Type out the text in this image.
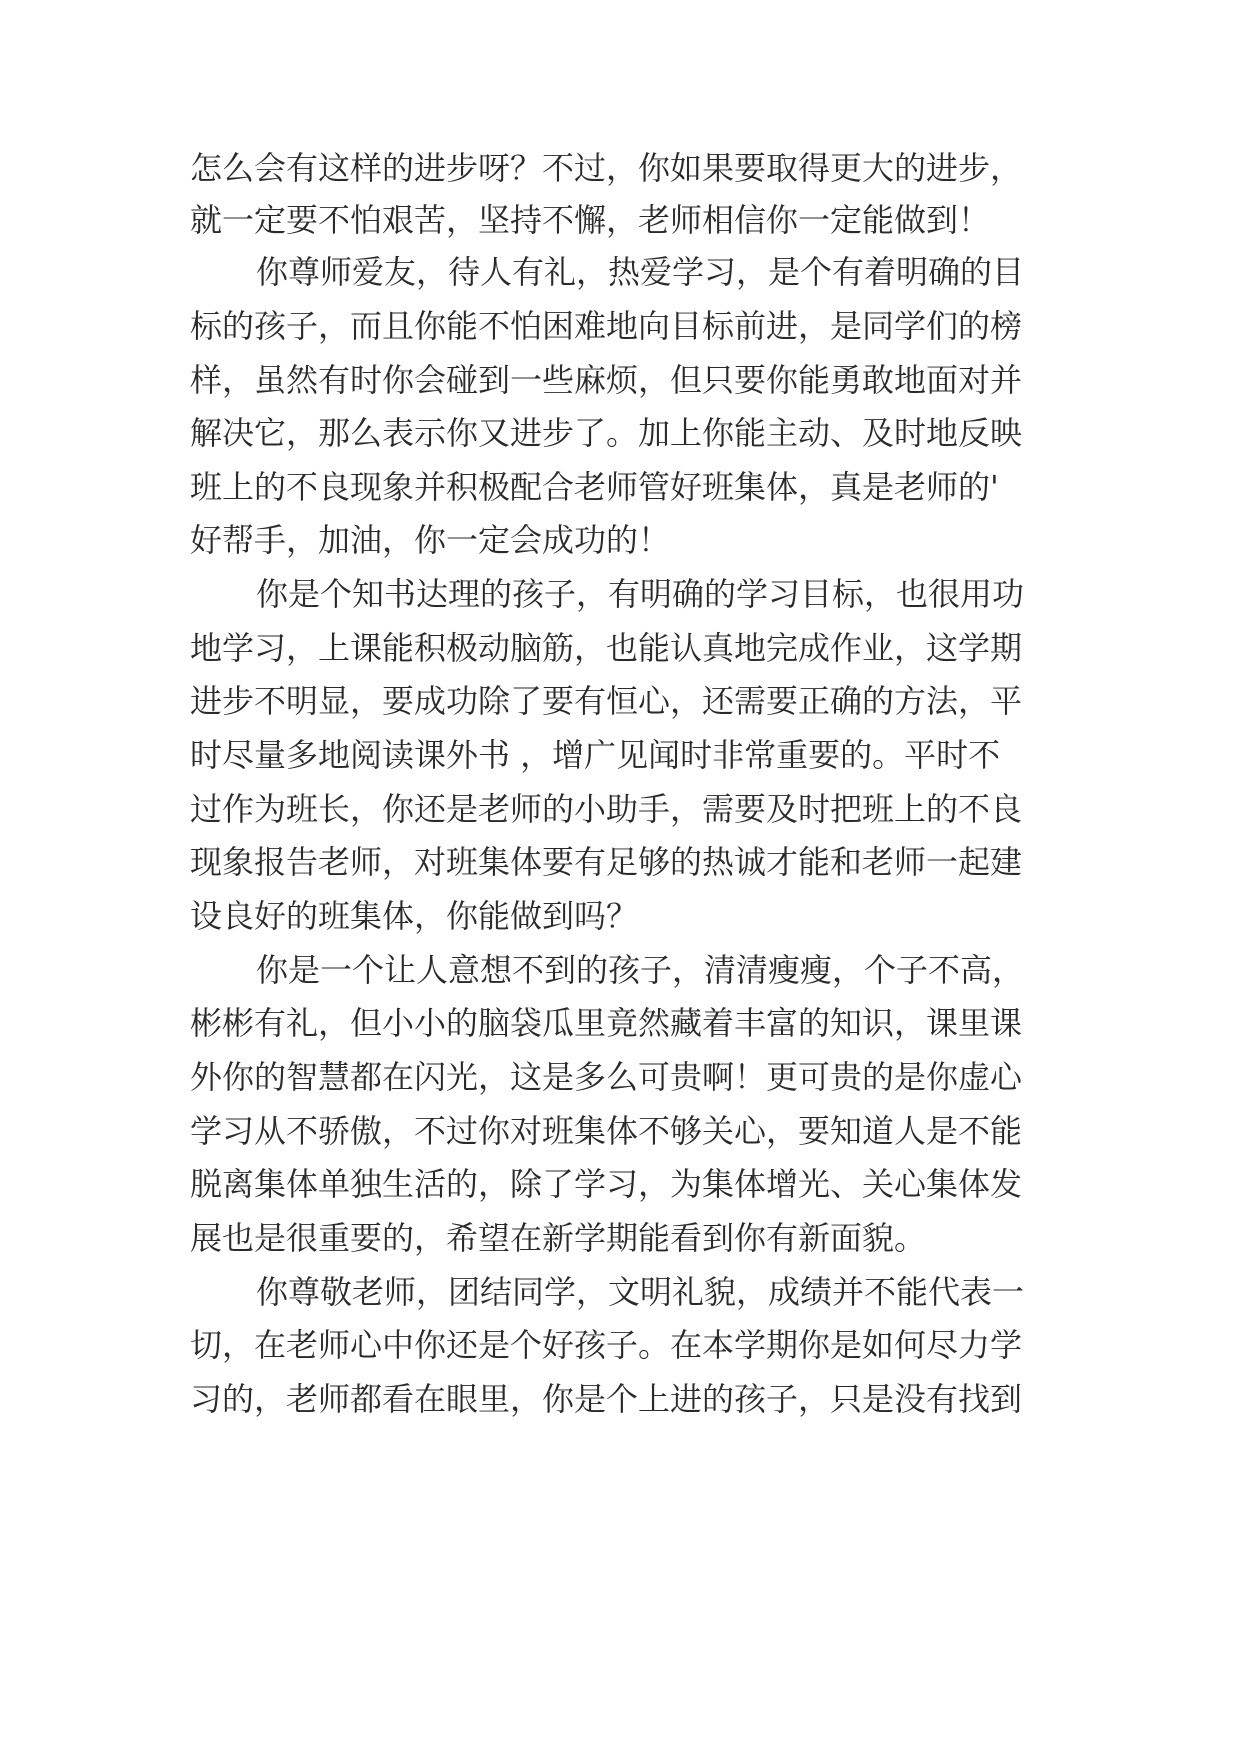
怎么会有这样的进步呀？不过，你如果要取得更大的进步，
就一定要不怕艰苦，坚持不懈，老师相信你一定能做到！
你尊师爱友，待人有礼，热爱学习，是个有着明确的目
标的孩子，而且你能不怕困难地向目标前进，是同学们的榜
样，虽然有时你会碰到一些麻烦，但只要你能勇敢地面对并
解决它，那么表示你又进步了。加上你能主动、及时地反映
班上的不良现象并积极配合老师管好班集体，真是老师的'
好帮手，加油，你一定会成功的！
你是个知书达理的孩子，有明确的学习目标，也很用功
地学习，上课能积极动脑筋，也能认真地完成作业，这学期
进步不明显，要成功除了要有恒心，还需要正确的方法，平
时尽量多地阅读课外书 ，增广见闻时非常重要的。平时不
过作为班长，你还是老师的小助手，需要及时把班上的不良
现象报告老师，对班集体要有足够的热诚才能和老师一起建
设良好的班集体，你能做到吗？
你是一个让人意想不到的孩子，清清瘦瘦，个子不高，
彬彬有礼，但小小的脑袋瓜里竟然藏着丰富的知识，课里课
外你的智慧都在闪光，这是多么可贵啊！更可贵的是你虚心
学习从不骄傲，不过你对班集体不够关心，要知道人是不能
脱离集体单独生活的，除了学习，为集体增光、关心集体发
展也是很重要的，希望在新学期能看到你有新面貌。
你尊敬老师，团结同学，文明礼貌，成绩并不能代表一
切，在老师心中你还是个好孩子。在本学期你是如何尽力学
习的，老师都看在眼里，你是个上进的孩子，只是没有找到
